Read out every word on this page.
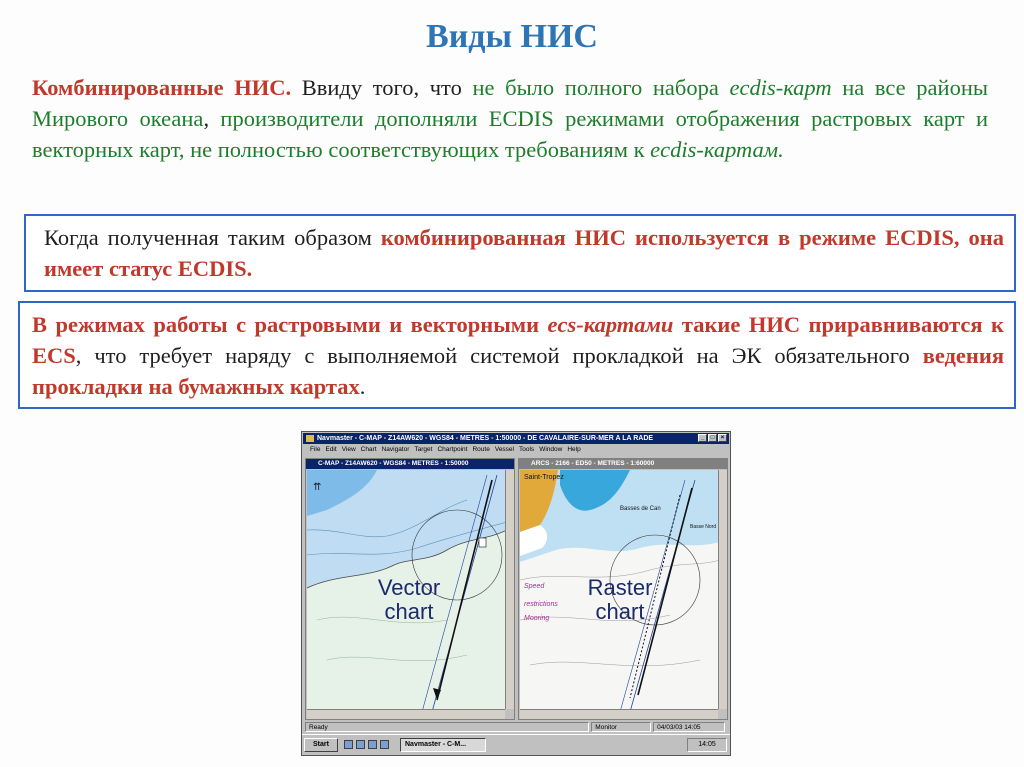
Виды НИС
Комбинированные НИС. Ввиду того, что не было полного набора ecdis-карт на все районы Мирового океана, производители дополняли ECDIS режимами отображения растровых карт и векторных карт, не полностью соответствующих требованиям к ecdis-картам.
Когда полученная таким образом комбинированная НИС используется в режиме ECDIS, она имеет статус ECDIS.
В режимах работы с растровыми и векторными ecs-картами такие НИС приравниваются к ECS, что требует наряду с выполняемой системой прокладкой на ЭК обязательного ведения прокладки на бумажных картах.
Navmaster - C-MAP - Z14AW620 - WGS84 - METRES - 1:50000 - DE CAVALAIRE-SUR-MER A LA RADE	_	□	×
File Edit View Chart Navigator Target Chartpoint Route Vessel Tools Window Help
C-MAP - Z14AW620 - WGS84 - METRES - 1:50000
⇈
Vector
chart
ARCS - 2166 - ED50 - METRES - 1:60000
Speed
restrictions
Mooring
Saint-Tropez
Basses de Can
Basse Nord
Raster
chart
Ready	Monitor	04/03/03 14:05
Start	Navmaster - C-M...	14:05
